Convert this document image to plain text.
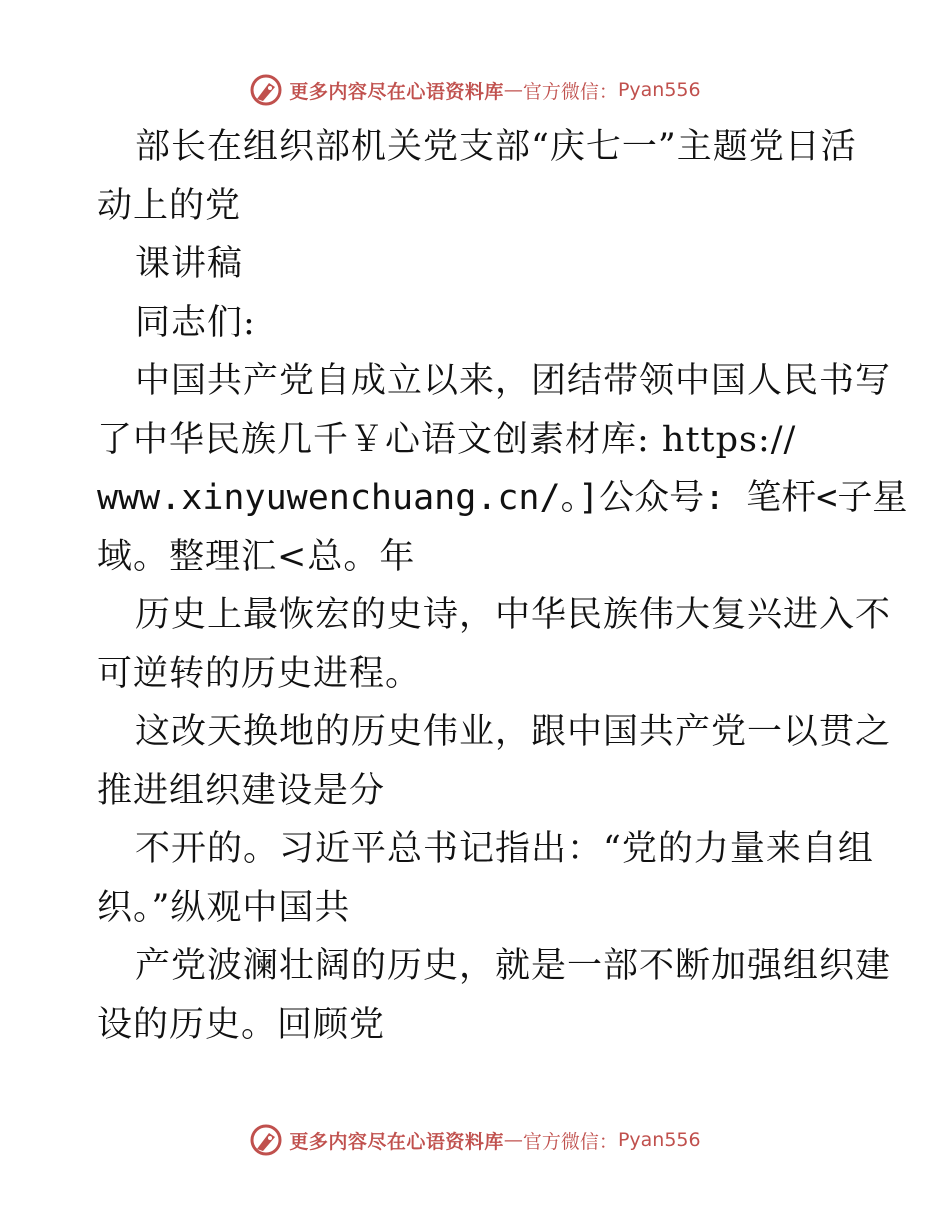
更多内容尽在心语资料库 — 官方微信： Pyan556
部长在组织部机关党支部“庆七一”主题党日活
动上的党
课讲稿
同志们:
中国共产党自成立以来，团结带领中国人民书写
了中华民族几千￥心语文创素材库: https://
www.xinyuwenchuang.cn/。]公众号: 笔杆<子星
域。整理汇<总。年
历史上最恢宏的史诗，中华民族伟大复兴进入不
可逆转的历史进程。
这改天换地的历史伟业，跟中国共产党一以贯之
推进组织建设是分
不开的。习近平总书记指出：“党的力量来自组
织。”纵观中国共
产党波澜壮阔的历史，就是一部不断加强组织建
设的历史。回顾党
更多内容尽在心语资料库 — 官方微信： Pyan556
